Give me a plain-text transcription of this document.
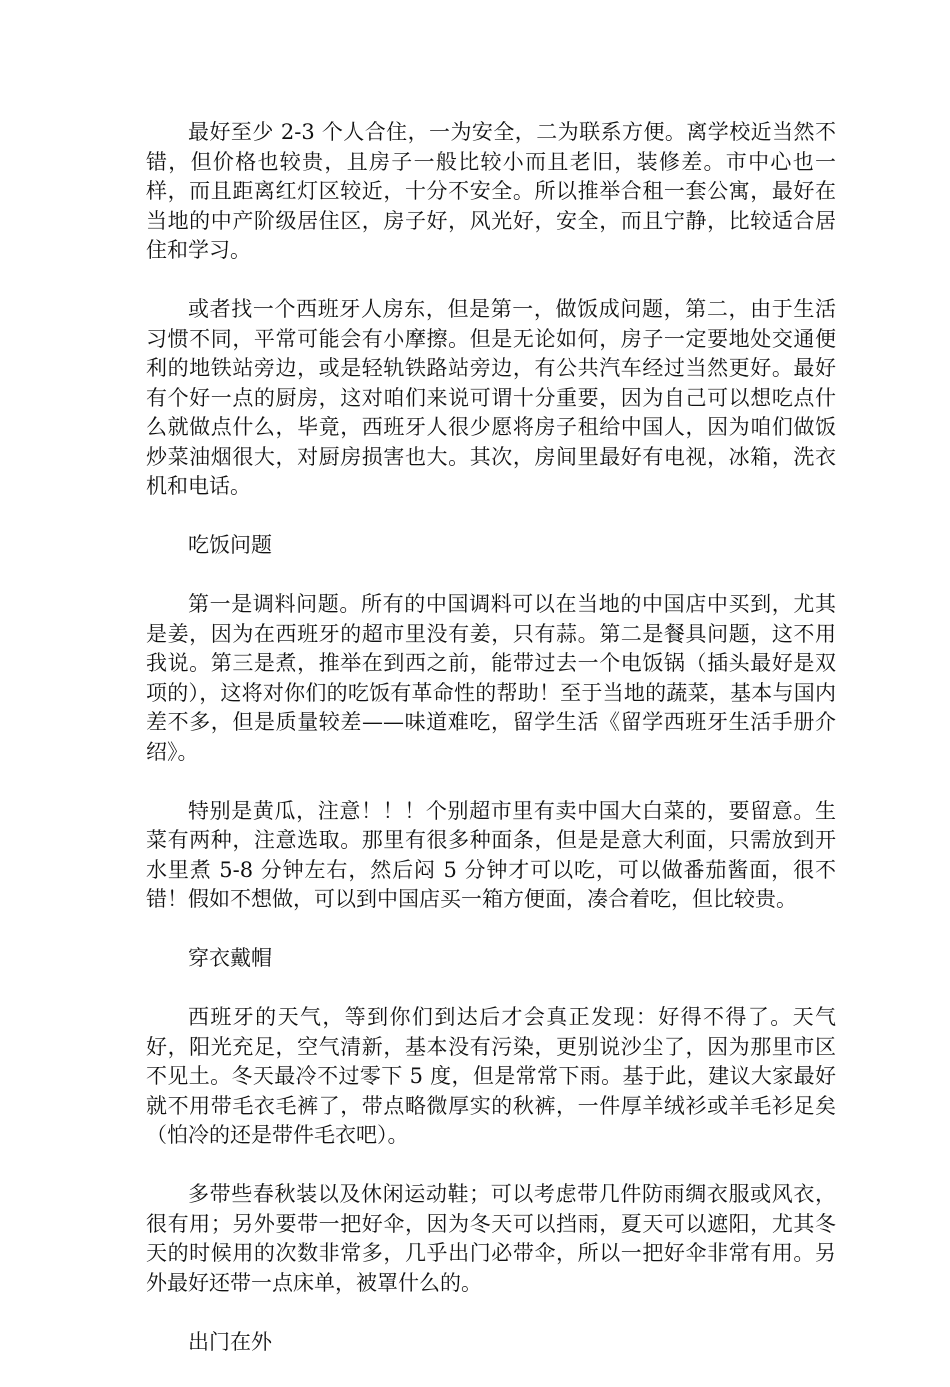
最好至少 2-3 个人合住，一为安全，二为联系方便。离学校近当然不错，但价格也较贵，且房子一般比较小而且老旧，装修差。市中心也一样，而且距离红灯区较近，十分不安全。所以推举合租一套公寓，最好在当地的中产阶级居住区，房子好，风光好，安全，而且宁静，比较适合居住和学习。

或者找一个西班牙人房东，但是第一，做饭成问题，第二，由于生活习惯不同，平常可能会有小摩擦。但是无论如何，房子一定要地处交通便利的地铁站旁边，或是轻轨铁路站旁边，有公共汽车经过当然更好。最好有个好一点的厨房，这对咱们来说可谓十分重要，因为自己可以想吃点什么就做点什么，毕竟，西班牙人很少愿将房子租给中国人，因为咱们做饭炒菜油烟很大，对厨房损害也大。其次，房间里最好有电视，冰箱，洗衣机和电话。

吃饭问题

第一是调料问题。所有的中国调料可以在当地的中国店中买到，尤其是姜，因为在西班牙的超市里没有姜，只有蒜。第二是餐具问题，这不用我说。第三是煮，推举在到西之前，能带过去一个电饭锅（插头最好是双项的），这将对你们的吃饭有革命性的帮助！至于当地的蔬菜，基本与国内差不多，但是质量较差——味道难吃，留学生活《留学西班牙生活手册介绍》。

特别是黄瓜，注意！！！个别超市里有卖中国大白菜的，要留意。生菜有两种，注意选取。那里有很多种面条，但是是意大利面，只需放到开水里煮 5-8 分钟左右，然后闷 5 分钟才可以吃，可以做番茄酱面，很不错！假如不想做，可以到中国店买一箱方便面，凑合着吃，但比较贵。

穿衣戴帽

西班牙的天气，等到你们到达后才会真正发现：好得不得了。天气好，阳光充足，空气清新，基本没有污染，更别说沙尘了，因为那里市区不见土。冬天最冷不过零下 5 度，但是常常下雨。基于此，建议大家最好就不用带毛衣毛裤了，带点略微厚实的秋裤，一件厚羊绒衫或羊毛衫足矣（怕冷的还是带件毛衣吧）。

多带些春秋装以及休闲运动鞋；可以考虑带几件防雨绸衣服或风衣，很有用；另外要带一把好伞，因为冬天可以挡雨，夏天可以遮阳，尤其冬天的时候用的次数非常多，几乎出门必带伞，所以一把好伞非常有用。另外最好还带一点床单，被罩什么的。

出门在外
